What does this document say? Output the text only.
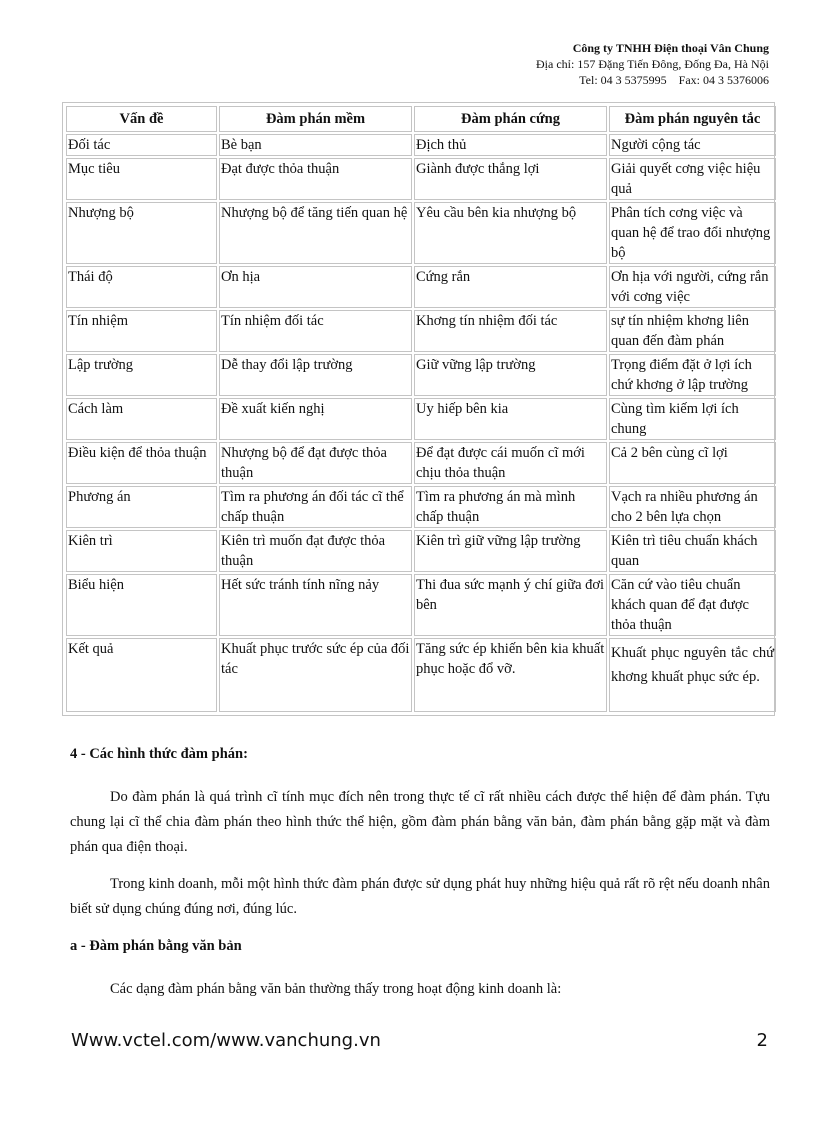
Công ty TNHH Điện thoại Vân Chung
Địa chỉ: 157 Đặng Tiến Đông, Đống Đa, Hà Nội
Tel: 04 3 5375995    Fax: 04 3 5376006
Vấn đề	Đàm phán mềm	Đàm phán cứng	Đàm phán nguyên tắc
Đối tác	Bè bạn	Địch thủ	Người cộng tác
Mục tiêu	Đạt được thỏa thuận	Giành được thắng lợi	Giải quyết cơng việc hiệu quả
Nhượng bộ	Nhượng bộ để tăng tiến quan hệ	Yêu cầu bên kia nhượng bộ	Phân tích cơng việc và quan hệ để trao đổi nhượng bộ
Thái độ	Ơn hịa	Cứng rắn	Ơn hịa với người, cứng rắn với cơng việc
Tín nhiệm	Tín nhiệm đối tác	Khơng tín nhiệm đối tác	sự tín nhiệm khơng liên quan đến đàm phán
Lập trường	Dễ thay đổi lập trường	Giữ vững lập trường	Trọng điểm đặt ở lợi ích chứ khơng ở lập trường
Cách làm	Đề xuất kiến nghị	Uy hiếp bên kia	Cùng tìm kiếm lợi ích chung
Điều kiện để thỏa thuận	Nhượng bộ để đạt được thỏa thuận	Để đạt được cái muốn cĩ mới chịu thỏa thuận	Cả 2 bên cùng cĩ lợi
Phương án	Tìm ra phương án đối tác cĩ thể chấp thuận	Tìm ra phương án mà mình chấp thuận	Vạch ra nhiều phương án cho 2 bên lựa chọn
Kiên trì	Kiên trì muốn đạt được thỏa thuận	Kiên trì giữ vững lập trường	Kiên trì tiêu chuẩn khách quan
Biểu hiện	Hết sức tránh tính nĩng nảy	Thi đua sức mạnh ý chí giữa đơi bên	Căn cứ vào tiêu chuẩn khách quan để đạt được thỏa thuận
Kết quả	Khuất phục trước sức ép của đối tác	Tăng sức ép khiến bên kia khuất phục hoặc đổ vỡ.	Khuất phục nguyên tắc chứ khơng khuất phục sức ép.
4 - Các hình thức đàm phán:

Do đàm phán là quá trình cĩ tính mục đích nên trong thực tế cĩ rất nhiều cách được thể hiện để đàm phán. Tựu chung lại cĩ thể chia đàm phán theo hình thức thể hiện, gồm đàm phán bằng văn bản, đàm phán bằng gặp mặt và đàm phán qua điện thoại.

Trong kinh doanh, mỗi một hình thức đàm phán được sử dụng phát huy những hiệu quả rất rõ rệt nếu doanh nhân biết sử dụng chúng đúng nơi, đúng lúc.

a - Đàm phán bằng văn bản

Các dạng đàm phán bằng văn bản thường thấy trong hoạt động kinh doanh là:

Www.vctel.com/www.vanchung.vn	2
